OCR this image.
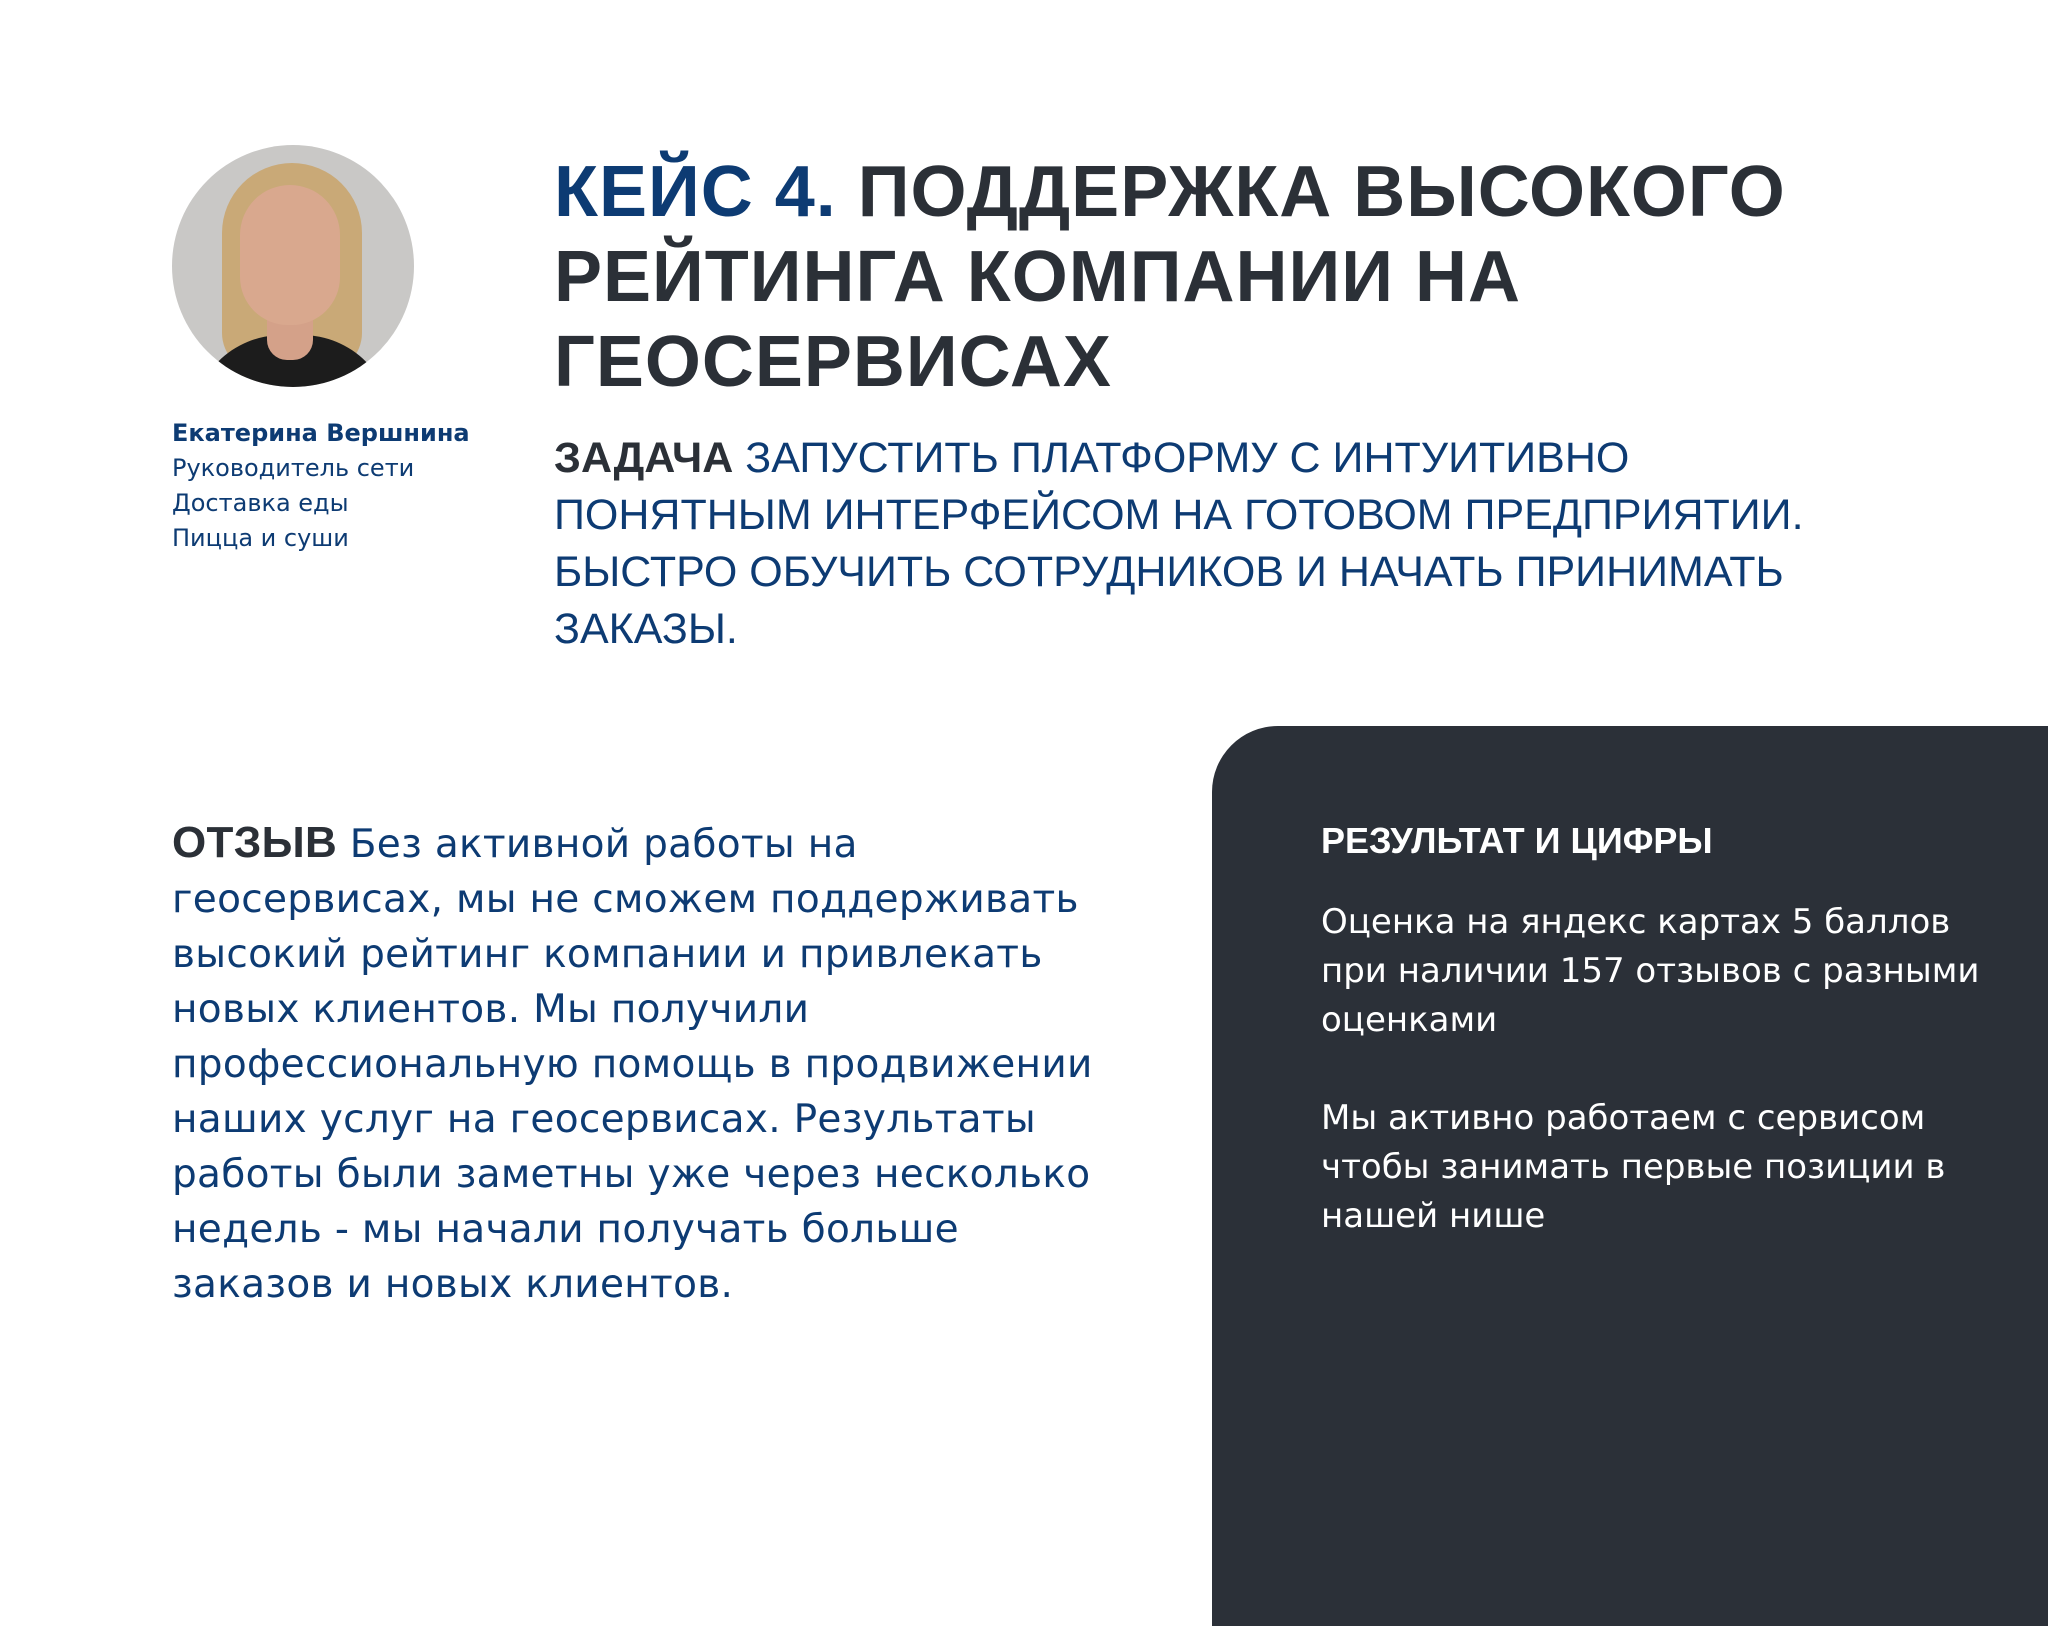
Екатерина Вершнина
Руководитель сети
Доставка еды
Пицца и суши
КЕЙС 4. ПОДДЕРЖКА ВЫСОКОГО РЕЙТИНГА КОМПАНИИ НА ГЕОСЕРВИСАХ
ЗАДАЧА ЗАПУСТИТЬ ПЛАТФОРМУ С ИНТУИТИВНО ПОНЯТНЫМ ИНТЕРФЕЙСОМ НА ГОТОВОМ ПРЕДПРИЯТИИ. БЫСТРО ОБУЧИТЬ СОТРУДНИКОВ И НАЧАТЬ ПРИНИМАТЬ ЗАКАЗЫ.
ОТЗЫВ Без активной работы на геосервисах, мы не сможем поддерживать высокий рейтинг компании и привлекать новых клиентов. Мы получили профессиональную помощь в продвижении наших услуг на геосервисах. Результаты работы были заметны уже через несколько недель - мы начали получать больше заказов и новых клиентов.
РЕЗУЛЬТАТ И ЦИФРЫ
Оценка на яндекс картах 5 баллов при наличии 157 отзывов с разными оценками
Мы активно работаем с сервисом чтобы занимать первые позиции в нашей нише
